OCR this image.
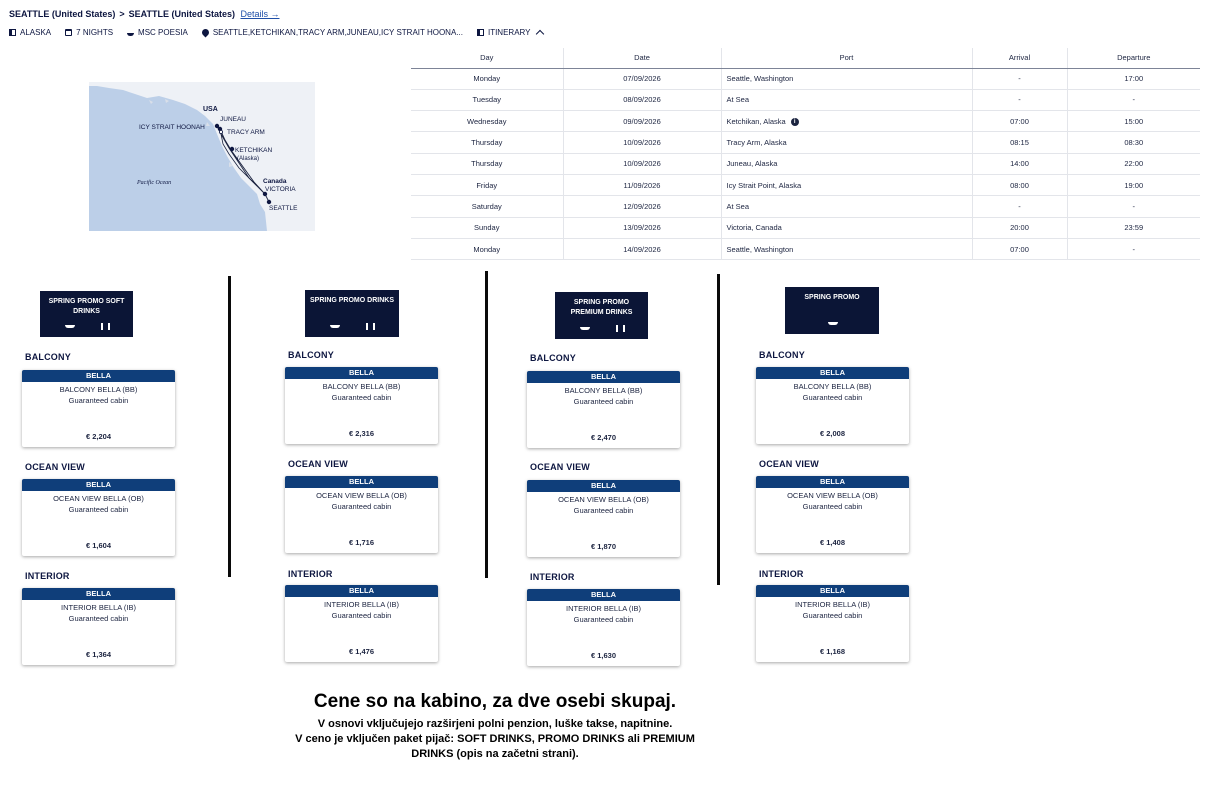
SEATTLE (United States) > SEATTLE (United States) Details →
ALASKA	7 NIGHTS	MSC POESIA	SEATTLE,KETCHIKAN,TRACY ARM,JUNEAU,ICY STRAIT HOONA...	ITINERARY
USA
JUNEAU
ICY STRAIT HOONAH
TRACY ARM
KETCHIKAN
(Alaska)
Canada
VICTORIA
SEATTLE
Pacific Ocean
Day	Date	Port	Arrival	Departure
Monday	07/09/2026	Seattle, Washington	-	17:00
Tuesday	08/09/2026	At Sea	-	-
Wednesday	09/09/2026	Ketchikan, Alaska i	07:00	15:00
Thursday	10/09/2026	Tracy Arm, Alaska	08:15	08:30
Thursday	10/09/2026	Juneau, Alaska	14:00	22:00
Friday	11/09/2026	Icy Strait Point, Alaska	08:00	19:00
Saturday	12/09/2026	At Sea	-	-
Sunday	13/09/2026	Victoria, Canada	20:00	23:59
Monday	14/09/2026	Seattle, Washington	07:00	-
SPRING PROMO SOFT
DRINKS
BALCONY
BELLA
BALCONY BELLA (BB)
Guaranteed cabin
€ 2,204
OCEAN VIEW
BELLA
OCEAN VIEW BELLA (OB)
Guaranteed cabin
€ 1,604
INTERIOR
BELLA
INTERIOR BELLA (IB)
Guaranteed cabin
€ 1,364
SPRING PROMO DRINKS
BALCONY
BELLA
BALCONY BELLA (BB)
Guaranteed cabin
€ 2,316
OCEAN VIEW
BELLA
OCEAN VIEW BELLA (OB)
Guaranteed cabin
€ 1,716
INTERIOR
BELLA
INTERIOR BELLA (IB)
Guaranteed cabin
€ 1,476
SPRING PROMO
PREMIUM DRINKS
BALCONY
BELLA
BALCONY BELLA (BB)
Guaranteed cabin
€ 2,470
OCEAN VIEW
BELLA
OCEAN VIEW BELLA (OB)
Guaranteed cabin
€ 1,870
INTERIOR
BELLA
INTERIOR BELLA (IB)
Guaranteed cabin
€ 1,630
SPRING PROMO
BALCONY
BELLA
BALCONY BELLA (BB)
Guaranteed cabin
€ 2,008
OCEAN VIEW
BELLA
OCEAN VIEW BELLA (OB)
Guaranteed cabin
€ 1,408
INTERIOR
BELLA
INTERIOR BELLA (IB)
Guaranteed cabin
€ 1,168
Cene so na kabino, za dve osebi skupaj.
V osnovi vključujejo razširjeni polni penzion, luške takse, napitnine.
V ceno je vključen paket pijač: SOFT DRINKS, PROMO DRINKS ali PREMIUM
DRINKS (opis na začetni strani).
